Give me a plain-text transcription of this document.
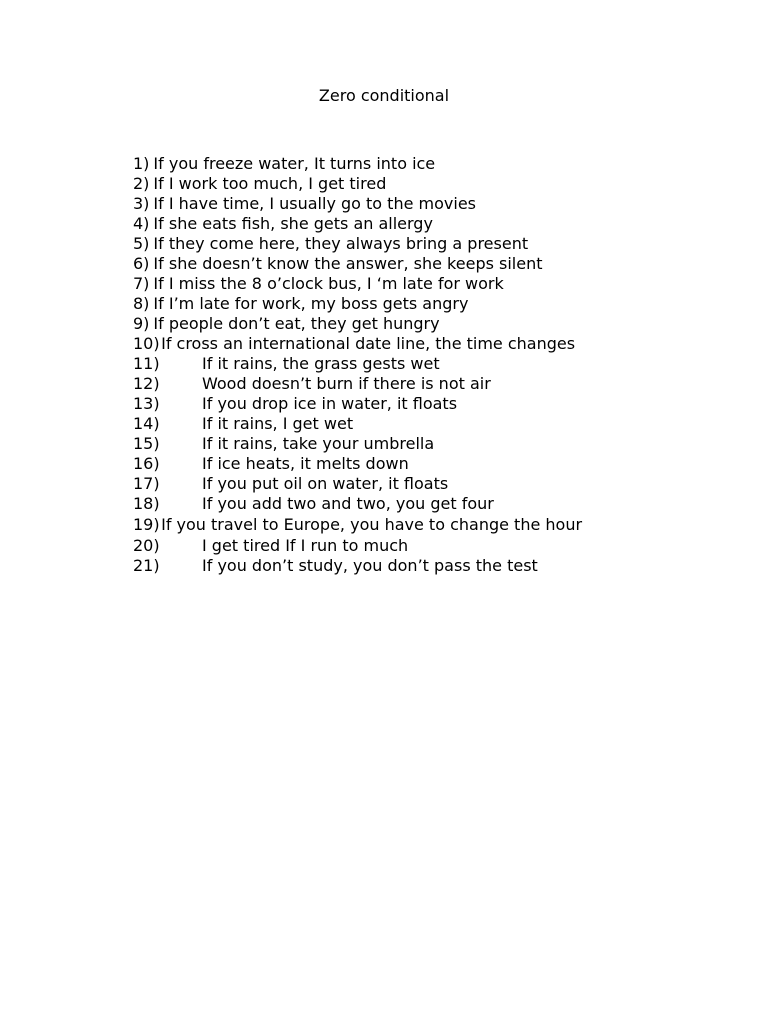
Zero conditional
1) If you freeze water, It turns into ice
2) If I work too much, I get tired
3) If I have time, I usually go to the movies
4) If she eats fish, she gets an allergy
5) If they come here, they always bring a present
6) If she doesn’t know the answer, she keeps silent
7) If I miss the 8 o’clock bus, I ‘m late for work
8) If I’m late for work, my boss gets angry
9) If people don’t eat, they get hungry
10) If cross an international date line, the time changes
11)	If it rains, the grass gests wet
12)	Wood doesn’t burn if there is not air
13)	If you drop ice in water, it floats
14)	If it rains, I get wet
15)	If it rains, take your umbrella
16)	If ice heats, it melts down
17)	If you put oil on water, it floats
18)	If you add two and two, you get four
19) If you travel to Europe, you have to change the hour
20)	I get tired If I run to much
21)	If you don’t study, you don’t pass the test
